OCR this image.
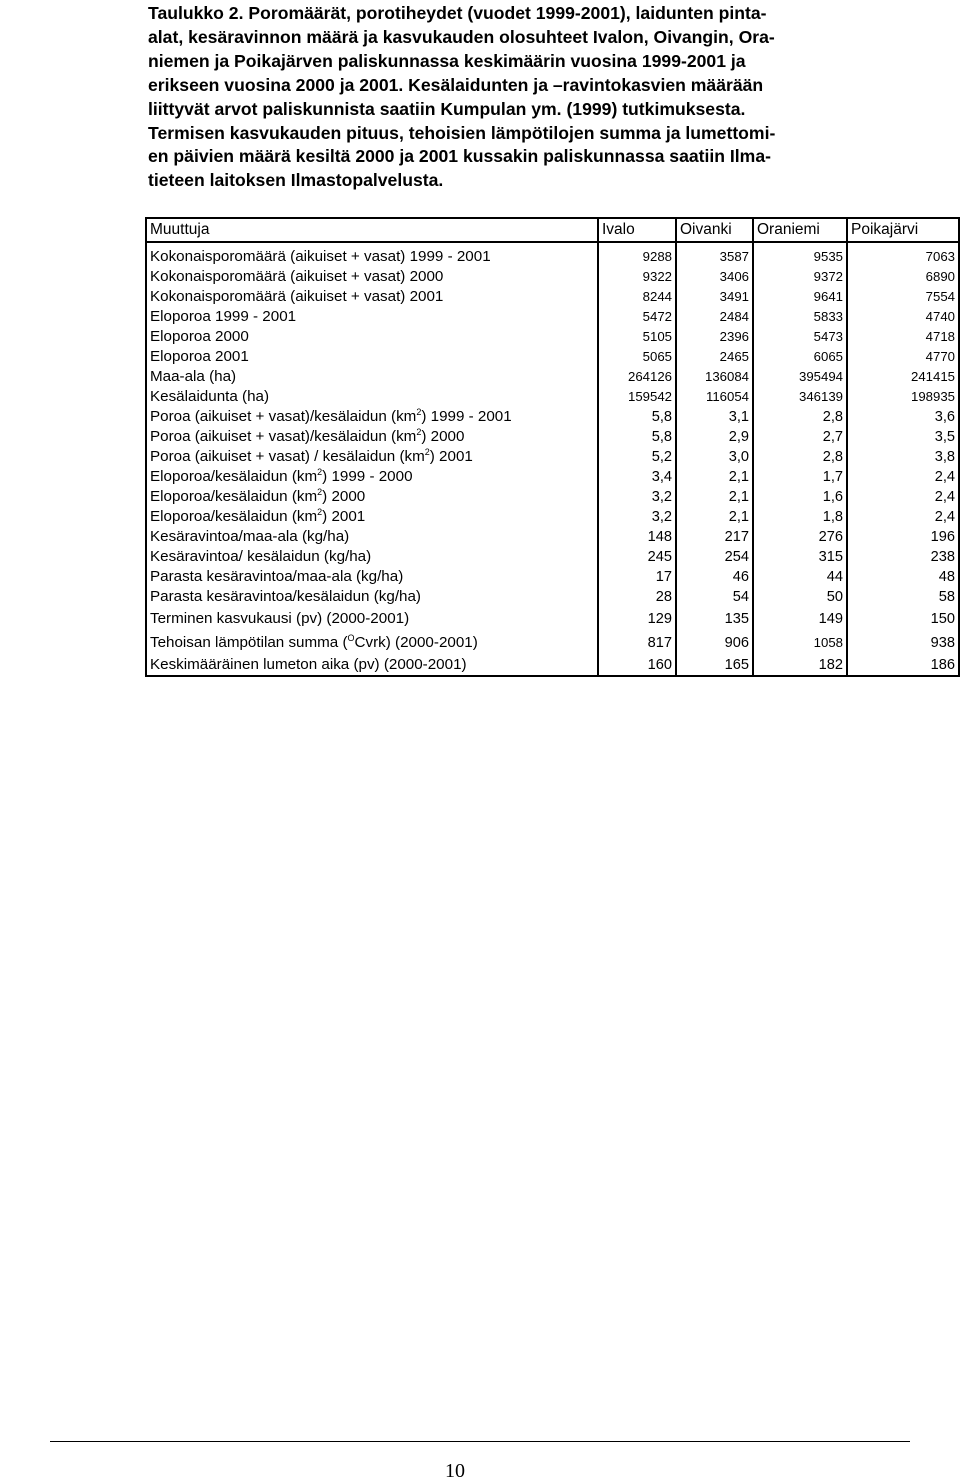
Taulukko 2. Poromäärät, porotiheydet (vuodet 1999-2001), laidunten pinta-
alat, kesäravinnon määrä ja kasvukauden olosuhteet Ivalon, Oivangin, Ora-
niemen ja Poikajärven paliskunnassa keskimäärin vuosina 1999-2001 ja
erikseen vuosina 2000 ja 2001. Kesälaidunten ja –ravintokasvien määrään
liittyvät arvot paliskunnista saatiin Kumpulan ym. (1999) tutkimuksesta.
Termisen kasvukauden pituus, tehoisien lämpötilojen summa ja lumettomi-
en päivien määrä kesiltä 2000 ja 2001 kussakin paliskunnassa saatiin Ilma-
tieteen laitoksen Ilmastopalvelusta.
Muuttuja	Ivalo	Oivanki	Oraniemi	Poikajärvi

Kokonaisporomäärä (aikuiset + vasat) 1999 - 2001	9288	3587	9535	7063
Kokonaisporomäärä (aikuiset + vasat) 2000	9322	3406	9372	6890
Kokonaisporomäärä (aikuiset + vasat) 2001	8244	3491	9641	7554
Eloporoa 1999 - 2001	5472	2484	5833	4740
Eloporoa 2000	5105	2396	5473	4718
Eloporoa 2001	5065	2465	6065	4770
Maa-ala (ha)	264126	136084	395494	241415
Kesälaidunta (ha)	159542	116054	346139	198935
Poroa (aikuiset + vasat)/kesälaidun $(km^2)$ 1999 - 2001	5,8	3,1	2,8	3,6
Poroa (aikuiset + vasat)/kesälaidun $(km^2)$ 2000	5,8	2,9	2,7	3,5
Poroa (aikuiset + vasat) / kesälaidun $(km^2)$ 2001	5,2	3,0	2,8	3,8
Eloporoa/kesälaidun $(km^2)$ 1999 - 2000	3,4	2,1	1,7	2,4
Eloporoa/kesälaidun $(km^2)$ 2000	3,2	2,1	1,6	2,4
Eloporoa/kesälaidun $(km^2)$ 2001	3,2	2,1	1,8	2,4
Kesäravintoa/maa-ala (kg/ha)	148	217	276	196
Kesäravintoa/ kesälaidun (kg/ha)	245	254	315	238
Parasta kesäravintoa/maa-ala (kg/ha)	17	46	44	48
Parasta kesäravintoa/kesälaidun (kg/ha)	28	54	50	58
Terminen kasvukausi (pv) (2000-2001)	129	135	149	150
Tehoisan lämpötilan summa ($^O$Cvrk) (2000-2001)	817	906	1058	938
Keskimääräinen lumeton aika (pv) (2000-2001)	160	165	182	186
10
